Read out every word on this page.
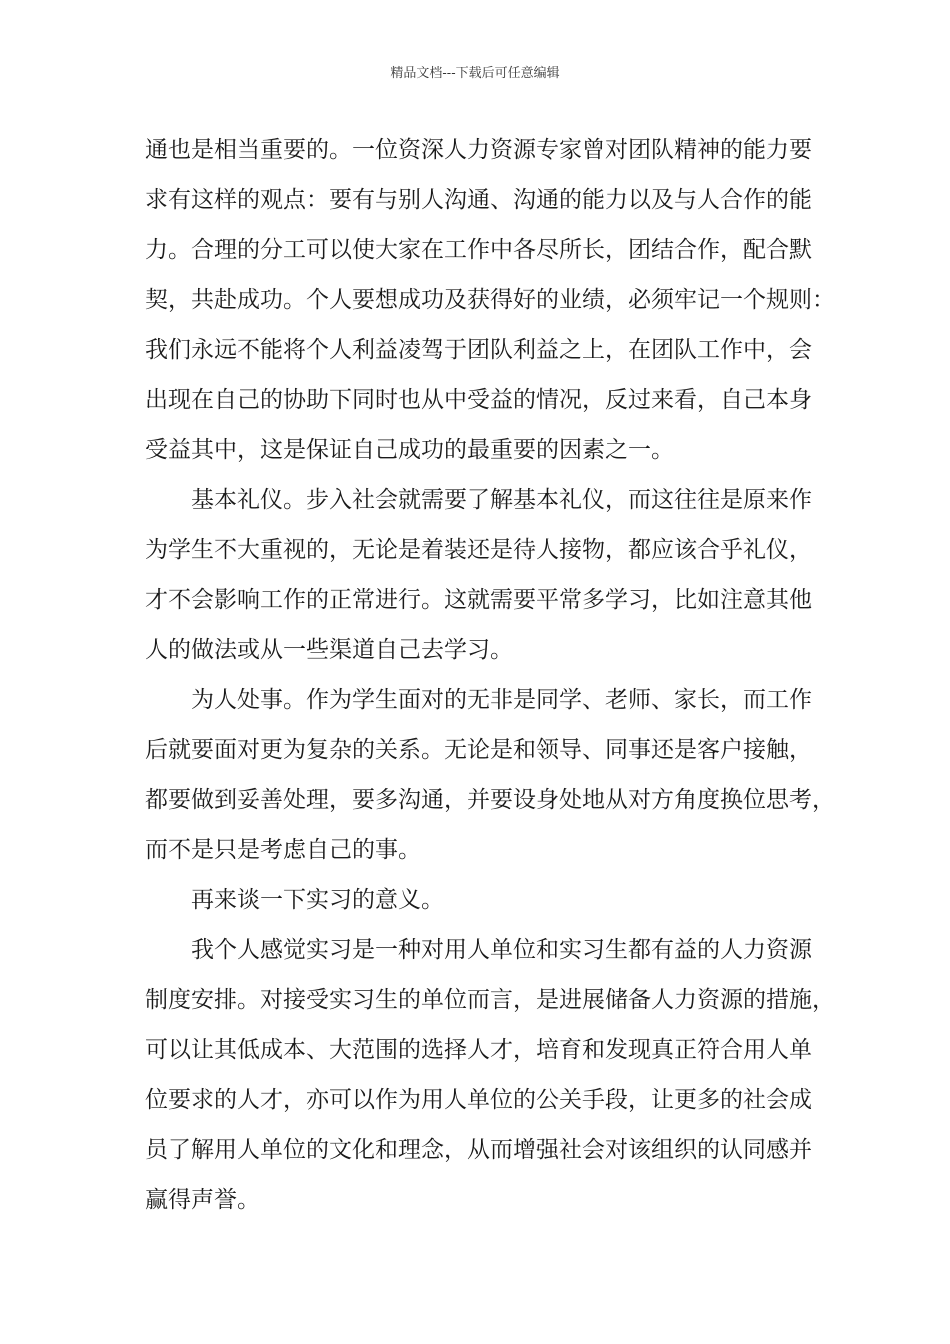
精品文档---下载后可任意编辑
通也是相当重要的。一位资深人力资源专家曾对团队精神的能力要
求有这样的观点：要有与别人沟通、沟通的能力以及与人合作的能
力。合理的分工可以使大家在工作中各尽所长，团结合作，配合默
契，共赴成功。个人要想成功及获得好的业绩，必须牢记一个规则：
我们永远不能将个人利益凌驾于团队利益之上，在团队工作中，会
出现在自己的协助下同时也从中受益的情况，反过来看，自己本身
受益其中，这是保证自己成功的最重要的因素之一。
基本礼仪。步入社会就需要了解基本礼仪，而这往往是原来作
为学生不大重视的，无论是着装还是待人接物，都应该合乎礼仪，
才不会影响工作的正常进行。这就需要平常多学习，比如注意其他
人的做法或从一些渠道自己去学习。
为人处事。作为学生面对的无非是同学、老师、家长，而工作
后就要面对更为复杂的关系。无论是和领导、同事还是客户接触，
都要做到妥善处理，要多沟通，并要设身处地从对方角度换位思考，
而不是只是考虑自己的事。
再来谈一下实习的意义。
我个人感觉实习是一种对用人单位和实习生都有益的人力资源
制度安排。对接受实习生的单位而言，是进展储备人力资源的措施，
可以让其低成本、大范围的选择人才，培育和发现真正符合用人单
位要求的人才，亦可以作为用人单位的公关手段，让更多的社会成
员了解用人单位的文化和理念，从而增强社会对该组织的认同感并
赢得声誉。
